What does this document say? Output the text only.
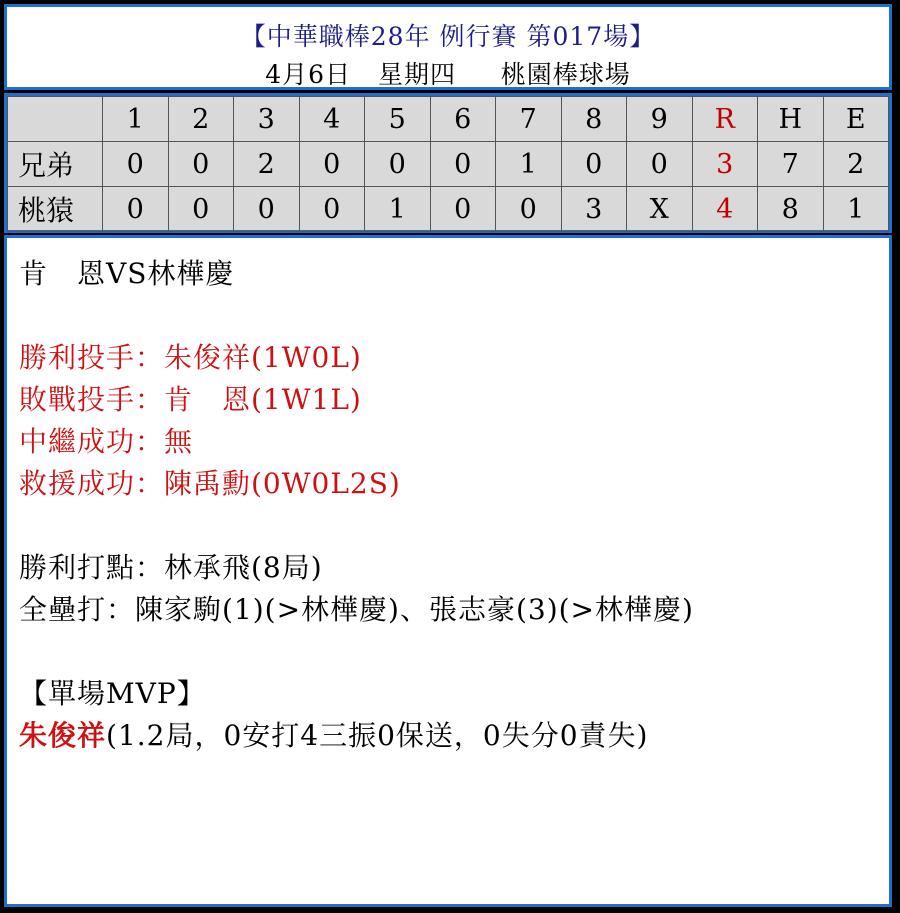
【中華職棒28年 例行賽 第017場】
4月6日 星期四 桃園棒球場
	1	2	3	4	5	6	7	8	9	R	H	E
兄弟	0	0	2	0	0	0	1	0	0	3	7	2
桃猿	0	0	0	0	1	0	0	3	X	4	8	1
肯　恩VS林樺慶
勝利投手：朱俊祥(1W0L)
敗戰投手：肯　恩(1W1L)
中繼成功：無
救援成功：陳禹勳(0W0L2S)
勝利打點：林承飛(8局)
全壘打：陳家駒(1)(>林樺慶)、張志豪(3)(>林樺慶)
【單場MVP】
朱俊祥(1.2局，0安打4三振0保送，0失分0責失)
